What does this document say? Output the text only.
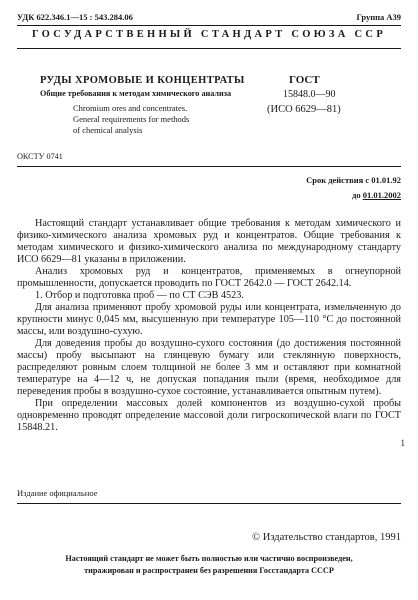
УДК 622.346.1—15 : 543.284.06	Группа А39
ГОСУДАРСТВЕННЫЙ СТАНДАРТ СОЮЗА ССР
РУДЫ ХРОМОВЫЕ И КОНЦЕНТРАТЫ
Общие требования к методам химического анализа
Chromium ores and concentrates.
General requirements for methods
of chemical analysis
ГОСТ
15848.0—90
(ИСО 6629—81)
ОКСТУ 0741
Срок действия с 01.01.92
до 01.01.2002

Настоящий стандарт устанавливает общие требования к методам химического и физико-химического анализа хромовых руд и концентратов. Общие требования к методам химического и физико-химического анализа по международному стандарту ИСО 6629—81 указаны в приложении.

Анализ хромовых руд и концентратов, применяемых в огнеупорной промышленности, допускается проводить по ГОСТ 2642.0 — ГОСТ 2642.14.

1. Отбор и подготовка проб — по СТ СЭВ 4523.

Для анализа применяют пробу хромовой руды или концентрата, измельченную до крупности минус 0,045 мм, высушенную при температуре 105—110 °С до постоянной массы, или воздушно-сухую.

Для доведения пробы до воздушно-сухого состояния (до достижения постоянной массы) пробу высыпают на глянцевую бумагу или стеклянную поверхность, распределяют ровным слоем толщиной не более 3 мм и оставляют при комнатной температуре на 4—12 ч, не допуская попадания пыли (время, необходимое для переведения пробы в воздушно-сухое состояние, устанавливается опытным путем).

При определении массовых долей компонентов из воздушно-сухой пробы одновременно проводят определение массовой доли гигроскопической влаги по ГОСТ 15848.21.

1
Издание официальное
© Издательство стандартов, 1991
Настоящий стандарт не может быть полностью или частично воспроизведен,
тиражирован и распространен без разрешения Госстандарта СССР
